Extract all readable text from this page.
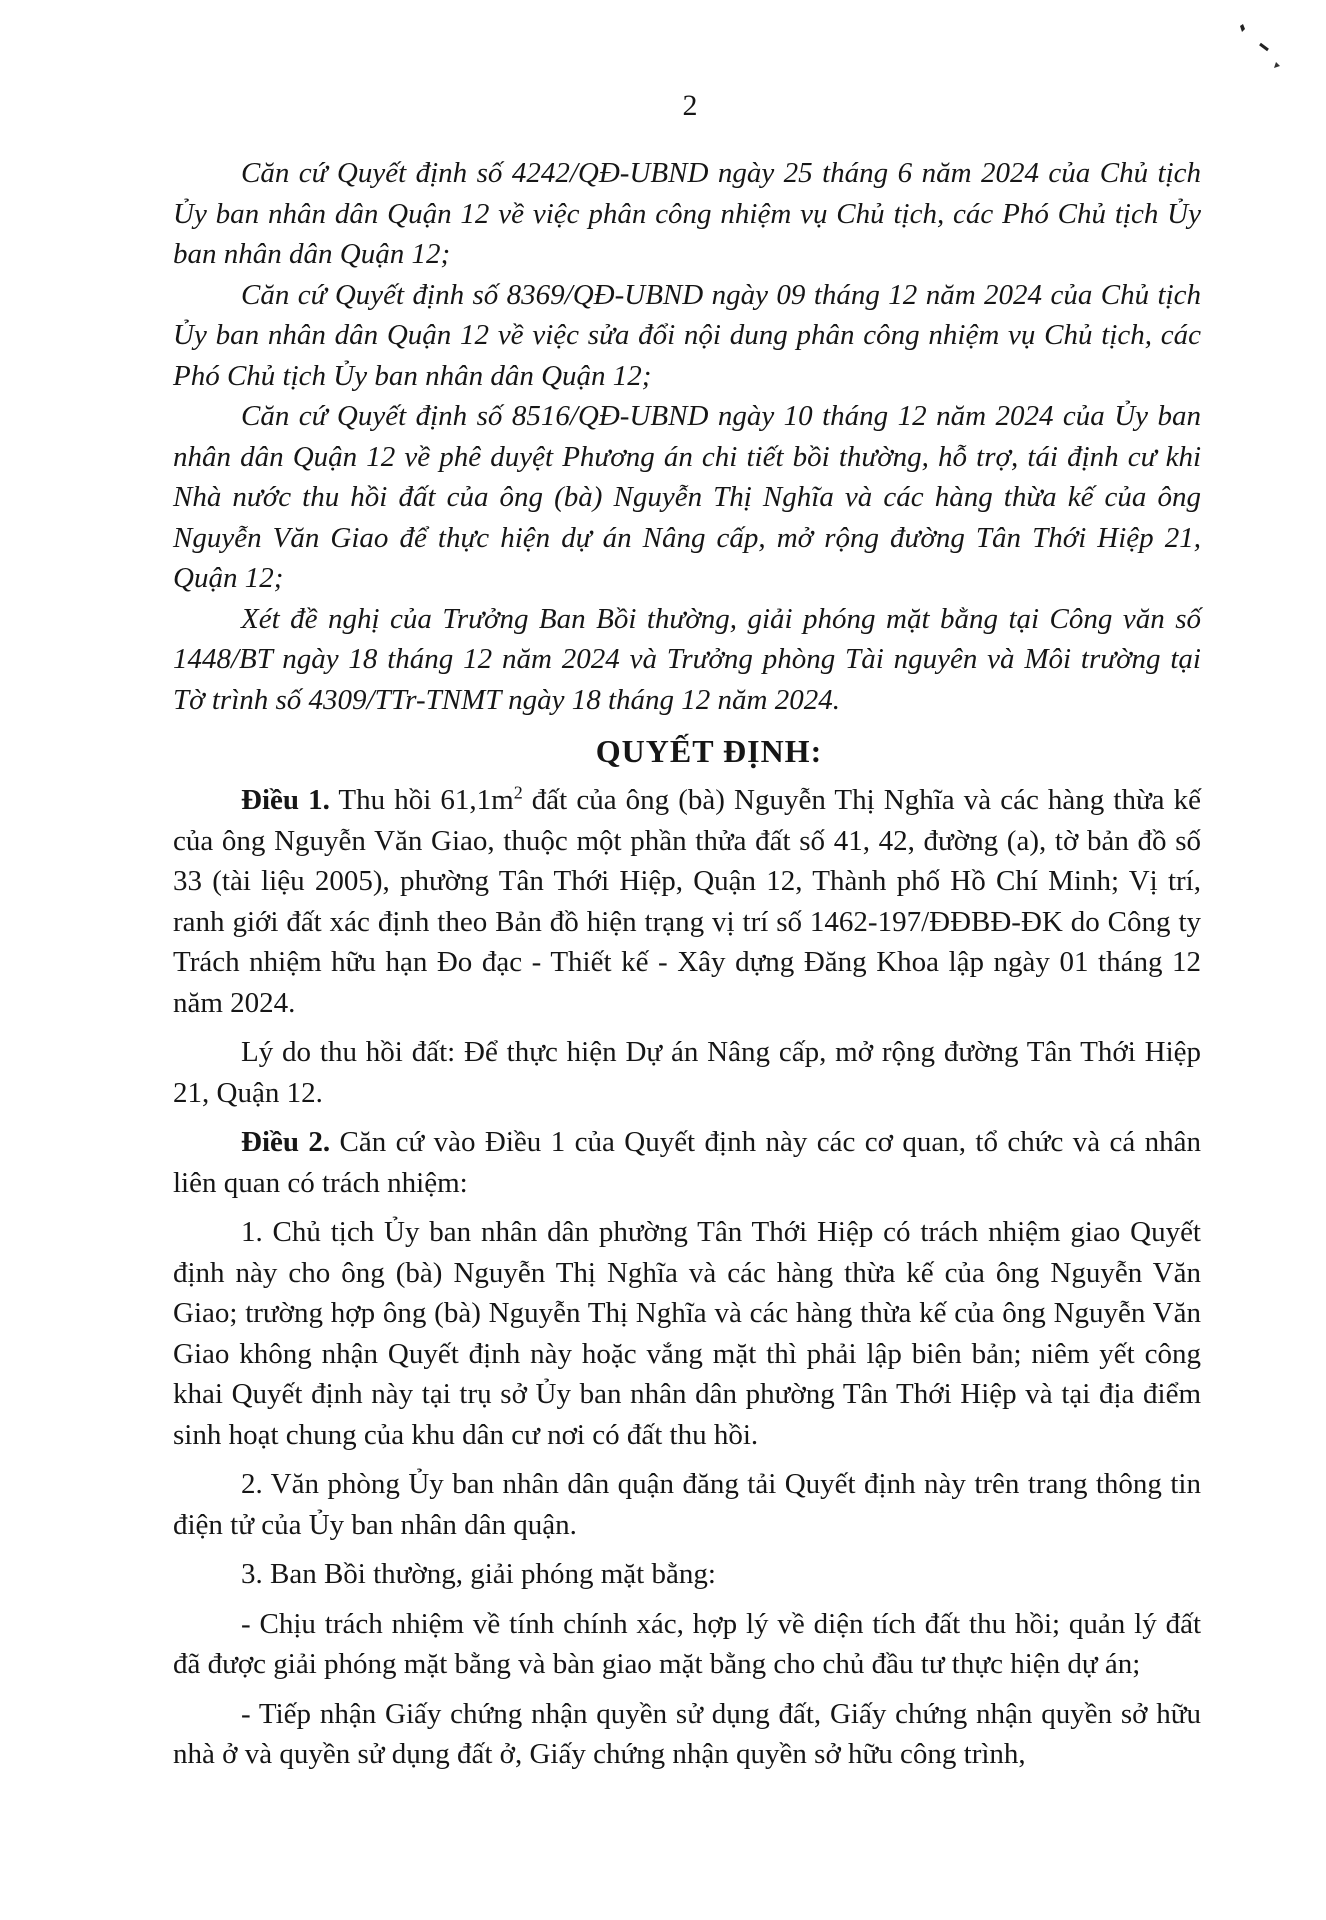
2

Căn cứ Quyết định số 4242/QĐ-UBND ngày 25 tháng 6 năm 2024 của Chủ tịch Ủy ban nhân dân Quận 12 về việc phân công nhiệm vụ Chủ tịch, các Phó Chủ tịch Ủy ban nhân dân Quận 12;

Căn cứ Quyết định số 8369/QĐ-UBND ngày 09 tháng 12 năm 2024 của Chủ tịch Ủy ban nhân dân Quận 12 về việc sửa đổi nội dung phân công nhiệm vụ Chủ tịch, các Phó Chủ tịch Ủy ban nhân dân Quận 12;

Căn cứ Quyết định số 8516/QĐ-UBND ngày 10 tháng 12 năm 2024 của Ủy ban nhân dân Quận 12 về phê duyệt Phương án chi tiết bồi thường, hỗ trợ, tái định cư khi Nhà nước thu hồi đất của ông (bà) Nguyễn Thị Nghĩa và các hàng thừa kế của ông Nguyễn Văn Giao để thực hiện dự án Nâng cấp, mở rộng đường Tân Thới Hiệp 21, Quận 12;

Xét đề nghị của Trưởng Ban Bồi thường, giải phóng mặt bằng tại Công văn số 1448/BT ngày 18 tháng 12 năm 2024 và Trưởng phòng Tài nguyên và Môi trường tại Tờ trình số 4309/TTr-TNMT ngày 18 tháng 12 năm 2024.

QUYẾT ĐỊNH:

Điều 1. Thu hồi $61,1m^2$ đất của ông (bà) Nguyễn Thị Nghĩa và các hàng thừa kế của ông Nguyễn Văn Giao, thuộc một phần thửa đất số 41, 42, đường (a), tờ bản đồ số 33 (tài liệu 2005), phường Tân Thới Hiệp, Quận 12, Thành phố Hồ Chí Minh; Vị trí, ranh giới đất xác định theo Bản đồ hiện trạng vị trí số 1462-197/ĐĐBĐ-ĐK do Công ty Trách nhiệm hữu hạn Đo đạc - Thiết kế - Xây dựng Đăng Khoa lập ngày 01 tháng 12 năm 2024.

Lý do thu hồi đất: Để thực hiện Dự án Nâng cấp, mở rộng đường Tân Thới Hiệp 21, Quận 12.

Điều 2. Căn cứ vào Điều 1 của Quyết định này các cơ quan, tổ chức và cá nhân liên quan có trách nhiệm:

1. Chủ tịch Ủy ban nhân dân phường Tân Thới Hiệp có trách nhiệm giao Quyết định này cho ông (bà) Nguyễn Thị Nghĩa và các hàng thừa kế của ông Nguyễn Văn Giao; trường hợp ông (bà) Nguyễn Thị Nghĩa và các hàng thừa kế của ông Nguyễn Văn Giao không nhận Quyết định này hoặc vắng mặt thì phải lập biên bản; niêm yết công khai Quyết định này tại trụ sở Ủy ban nhân dân phường Tân Thới Hiệp và tại địa điểm sinh hoạt chung của khu dân cư nơi có đất thu hồi.

2. Văn phòng Ủy ban nhân dân quận đăng tải Quyết định này trên trang thông tin điện tử của Ủy ban nhân dân quận.

3. Ban Bồi thường, giải phóng mặt bằng:

- Chịu trách nhiệm về tính chính xác, hợp lý về diện tích đất thu hồi; quản lý đất đã được giải phóng mặt bằng và bàn giao mặt bằng cho chủ đầu tư thực hiện dự án;

- Tiếp nhận Giấy chứng nhận quyền sử dụng đất, Giấy chứng nhận quyền sở hữu nhà ở và quyền sử dụng đất ở, Giấy chứng nhận quyền sở hữu công trình,
